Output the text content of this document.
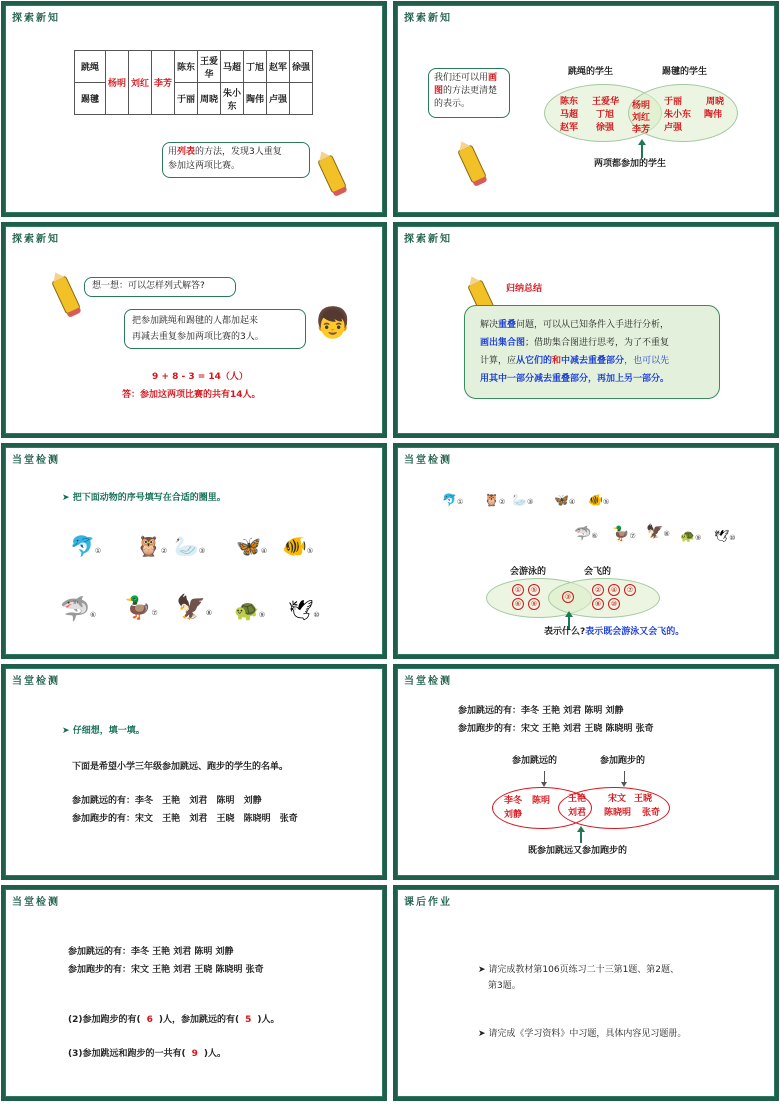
探索新知
跳绳	杨明	刘红	李芳	陈东	王爱华	马超	丁旭	赵军	徐强
踢毽				于丽	周晓	朱小东	陶伟	卢强	
用列表的方法，发现3人重复
参加这两项比赛。
探索新知
我们还可以用画
图的方法更清楚
的表示。
跳绳的学生	踢毽的学生
陈东 王爱华
马超 丁旭
赵军 徐强
杨明
刘红
李芳
于丽	周晓
朱小东 陶伟
卢强
两项都参加的学生
探索新知
想一想：可以怎样列式解答?
把参加跳绳和踢毽的人都加起来
再减去重复参加两项比赛的3人。 👦
9 + 8 - 3 = 14（人）
答：参加这两项比赛的共有14人。
探索新知
归纳总结
解决重叠问题，可以从已知条件入手进行分析，
画出集合图；借助集合图进行思考，为了不重复
计算，应从它们的和中减去重叠部分，也可以先
用其中一部分减去重叠部分，再加上另一部分。
当堂检测
➤ 把下面动物的序号填写在合适的圈里。
🐬① 🦉② 🦢③ 🦋④ 🐠⑤
🦈⑥ 🦆⑦ 🦅⑧ 🐢⑨ 🕊⑩
当堂检测
🐬① 🦉② 🦢③ 🦋④ 🐠⑤
🦈⑥ 🦆⑦ 🦅⑧ 🐢⑨ 🕊⑩
会游泳的	会飞的
① ⑤
⑥ ⑨
③
② ④ ⑦
⑧ ⑩
表示什么?表示既会游泳又会飞的。
当堂检测
➤ 仔细想，填一填。
下面是希望小学三年级参加跳远、跑步的学生的名单。
参加跳远的有：李冬 王艳 刘君 陈明 刘静
参加跑步的有：宋文 王艳 刘君 王晓 陈晓明 张奇
当堂检测
参加跳远的有：李冬 王艳 刘君 陈明 刘静
参加跑步的有：宋文 王艳 刘君 王晓 陈晓明 张奇
参加跳远的	参加跑步的
李冬 陈明
刘静
王艳
刘君
宋文 王晓
陈晓明 张奇
既参加跳远又参加跑步的
当堂检测
参加跳远的有：李冬 王艳 刘君 陈明 刘静
参加跑步的有：宋文 王艳 刘君 王晓 陈晓明 张奇
(2)参加跑步的有( 6 )人，参加跳远的有( 5 )人。
(3)参加跳远和跑步的一共有( 9 )人。
课后作业
➤ 请完成教材第106页练习二十三第1题、第2题、
第3题。
➤ 请完成《学习资料》中习题，具体内容见习题册。
